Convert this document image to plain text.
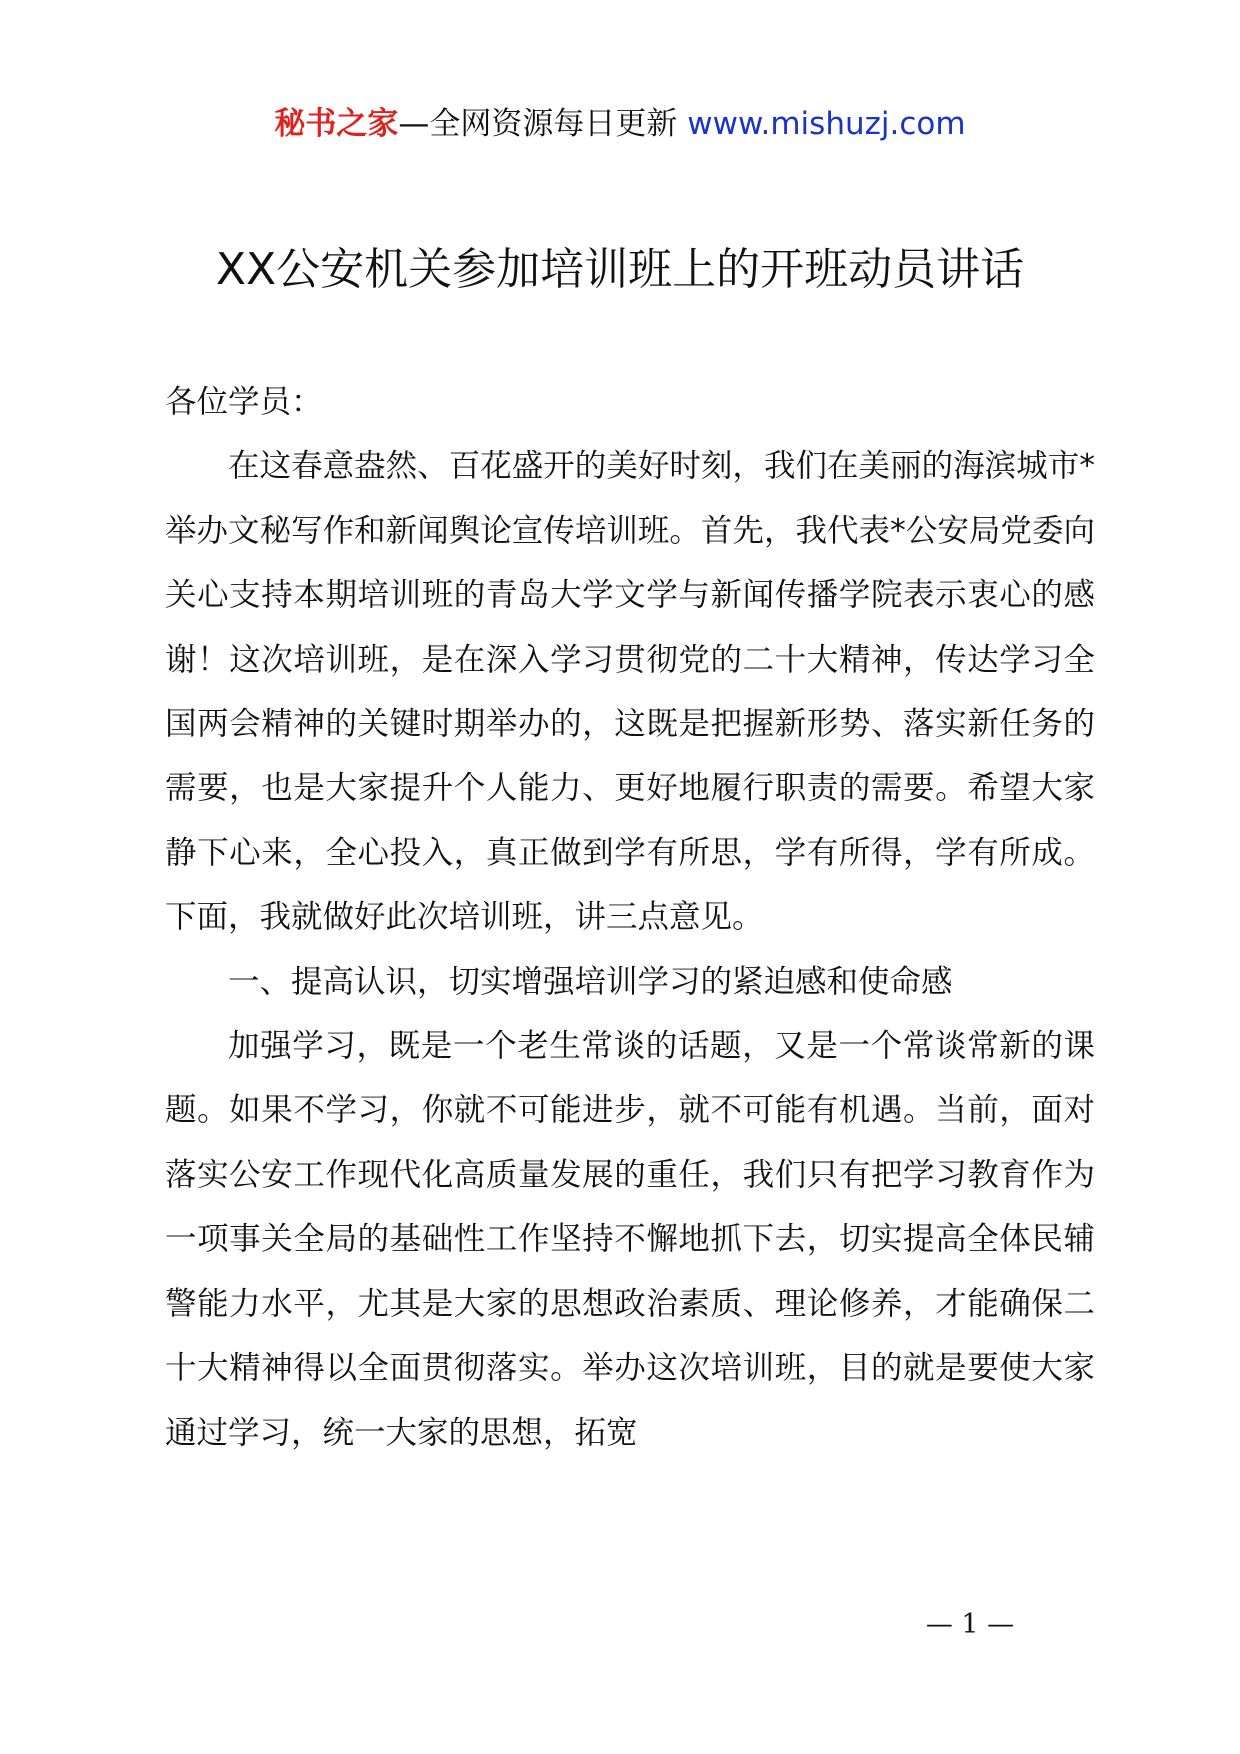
秘书之家—全网资源每日更新 www.mishuzj.com
XX公安机关参加培训班上的开班动员讲话

各位学员：

在这春意盎然、百花盛开的美好时刻，我们在美丽的海滨城市*举办文秘写作和新闻舆论宣传培训班。首先，我代表*公安局党委向关心支持本期培训班的青岛大学文学与新闻传播学院表示衷心的感谢！这次培训班，是在深入学习贯彻党的二十大精神，传达学习全国两会精神的关键时期举办的，这既是把握新形势、落实新任务的需要，也是大家提升个人能力、更好地履行职责的需要。希望大家静下心来，全心投入，真正做到学有所思，学有所得，学有所成。下面，我就做好此次培训班，讲三点意见。

一、提高认识，切实增强培训学习的紧迫感和使命感

加强学习，既是一个老生常谈的话题，又是一个常谈常新的课题。如果不学习，你就不可能进步，就不可能有机遇。当前，面对落实公安工作现代化高质量发展的重任，我们只有把学习教育作为一项事关全局的基础性工作坚持不懈地抓下去，切实提高全体民辅警能力水平，尤其是大家的思想政治素质、理论修养，才能确保二十大精神得以全面贯彻落实。举办这次培训班，目的就是要使大家通过学习，统一大家的思想，拓宽

— 1 —
